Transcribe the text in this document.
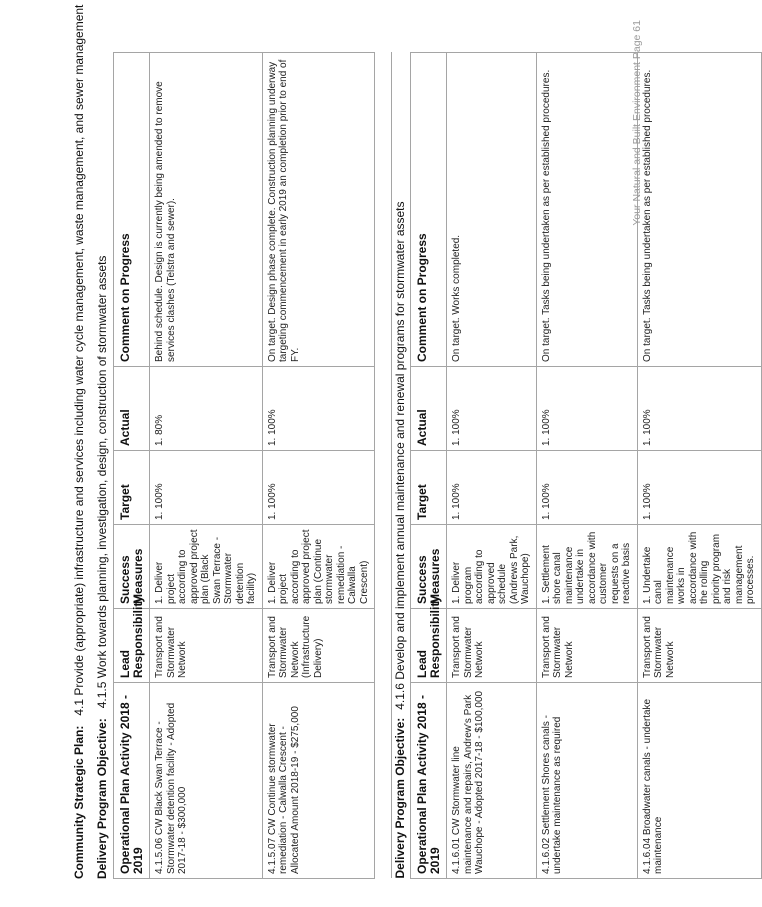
Community Strategic Plan:4.1 Provide (appropriate) infrastructure and services including water cycle management, waste management, and sewer management
Delivery Program Objective:4.1.5 Work towards planning, investigation, design, construction of stormwater assets
Operational Plan Activity 2018 - 2019	Lead Responsibility	Success Measures	Target	Actual	Comment on Progress
4.1.5.06 CW Black Swan Terrace - Stormwater detention facility - Adopted 2017-18 - $300,000	Transport and Stormwater Network	1. Deliver project according to approved project plan (Black Swan Terrace - Stormwater detention facility)	1. 100%	1. 80%	Behind schedule. Design is currently being amended to remove services clashes (Telstra and sewer).
4.1.5.07 CW Continue stormwater remediation - Calwalla Crescent - Allocated Amount 2018-19 - $275,000	Transport and Stormwater Network (Infrastructure Delivery)	1. Deliver project according to approved project plan (Continue stormwater remediation - Calwalla Crescent)	1. 100%	1. 100%	On target. Design phase complete. Construction planning underway targeting commencement in early 2019 an completion prior to end of FY.

Delivery Program Objective:4.1.6 Develop and implement annual maintenance and renewal programs for stormwater assets					
Operational Plan Activity 2018 - 2019	Lead Responsibility	Success Measures	Target	Actual	Comment on Progress
4.1.6.01 CW Stormwater line maintenance and repairs, Andrew's Park Wauchope - Adopted 2017-18 - $100,000	Transport and Stormwater Network	1. Deliver program according to approved schedule (Andrews Park, Wauchope)	1. 100%	1. 100%	On target. Works completed.
4.1.6.02 Settlement Shores canals - undertake maintenance as required	Transport and Stormwater Network	1. Settlement shore canal maintenance undertake in accordance with customer requests on a reactive basis	1. 100%	1. 100%	On target. Tasks being undertaken as per established procedures.
4.1.6.04 Broadwater canals - undertake maintenance	Transport and Stormwater Network	1. Undertake canal maintenance works in accordance with the rolling priority program and risk management processes.	1. 100%	1. 100%	On target. Tasks being undertaken as per established procedures.
Your Natural and Built Environment Page 61
